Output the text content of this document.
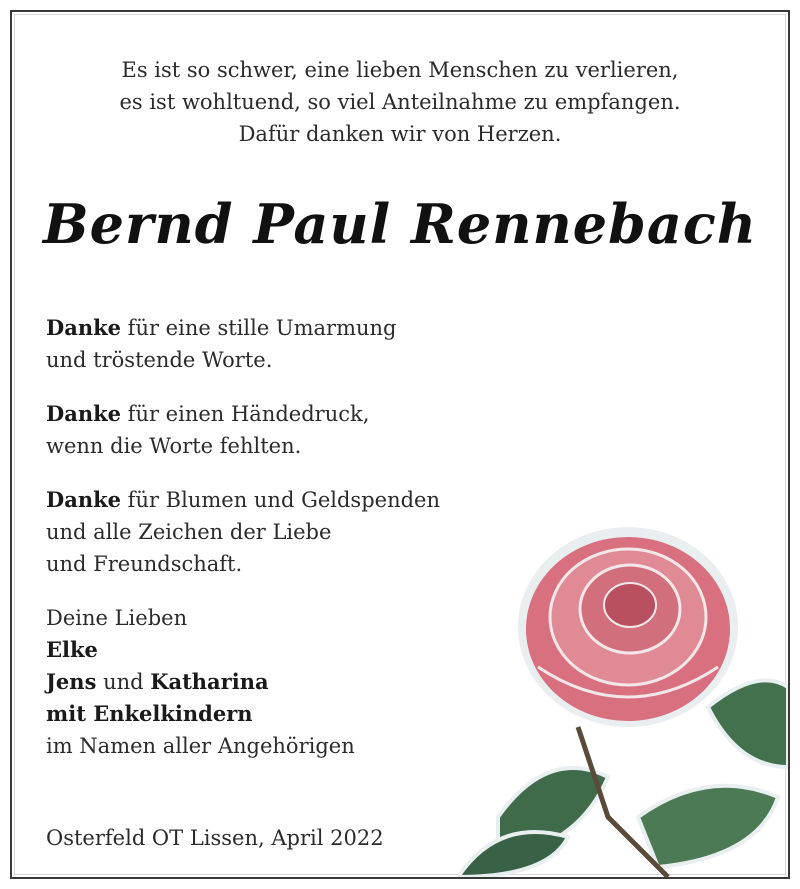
Es ist so schwer, eine lieben Menschen zu verlieren,
es ist wohltuend, so viel Anteilnahme zu empfangen.
Dafür danken wir von Herzen.
Bernd Paul Rennebach
Danke für eine stille Umarmung
und tröstende Worte.
Danke für einen Händedruck,
wenn die Worte fehlten.
Danke für Blumen und Geldspenden
und alle Zeichen der Liebe
und Freundschaft.
Deine Lieben
Elke
Jens und Katharina
mit Enkelkindern
im Namen aller Angehörigen
Osterfeld OT Lissen, April 2022
